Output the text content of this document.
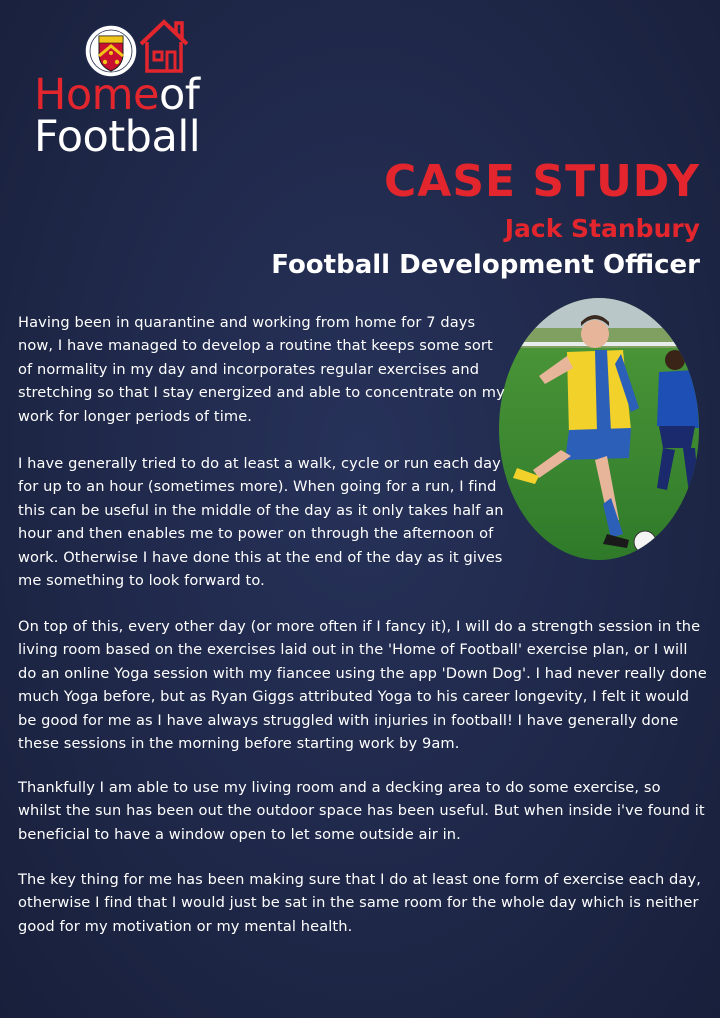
Homeof
Football
CASE STUDY
Jack Stanbury
Football Development Officer

Having been in quarantine and working from home for 7 days now, I have managed to develop a routine that keeps some sort of normality in my day and incorporates regular exercises and stretching so that I stay energized and able to concentrate on my work for longer periods of time.

I have generally tried to do at least a walk, cycle or run each day for up to an hour (sometimes more). When going for a run, I find this can be useful in the middle of the day as it only takes half an hour and then enables me to power on through the afternoon of work. Otherwise I have done this at the end of the day as it gives me something to look forward to.

On top of this, every other day (or more often if I fancy it), I will do a strength session in the living room based on the exercises laid out in the 'Home of Football' exercise plan, or I will do an online Yoga session with my fiancee using the app 'Down Dog'. I had never really done much Yoga before, but as Ryan Giggs attributed Yoga to his career longevity, I felt it would be good for me as I have always struggled with injuries in football! I have generally done these sessions in the morning before starting work by 9am.

Thankfully I am able to use my living room and a decking area to do some exercise, so whilst the sun has been out the outdoor space has been useful. But when inside i've found it beneficial to have a window open to let some outside air in.

The key thing for me has been making sure that I do at least one form of exercise each day, otherwise I find that I would just be sat in the same room for the whole day which is neither good for my motivation or my mental health.
